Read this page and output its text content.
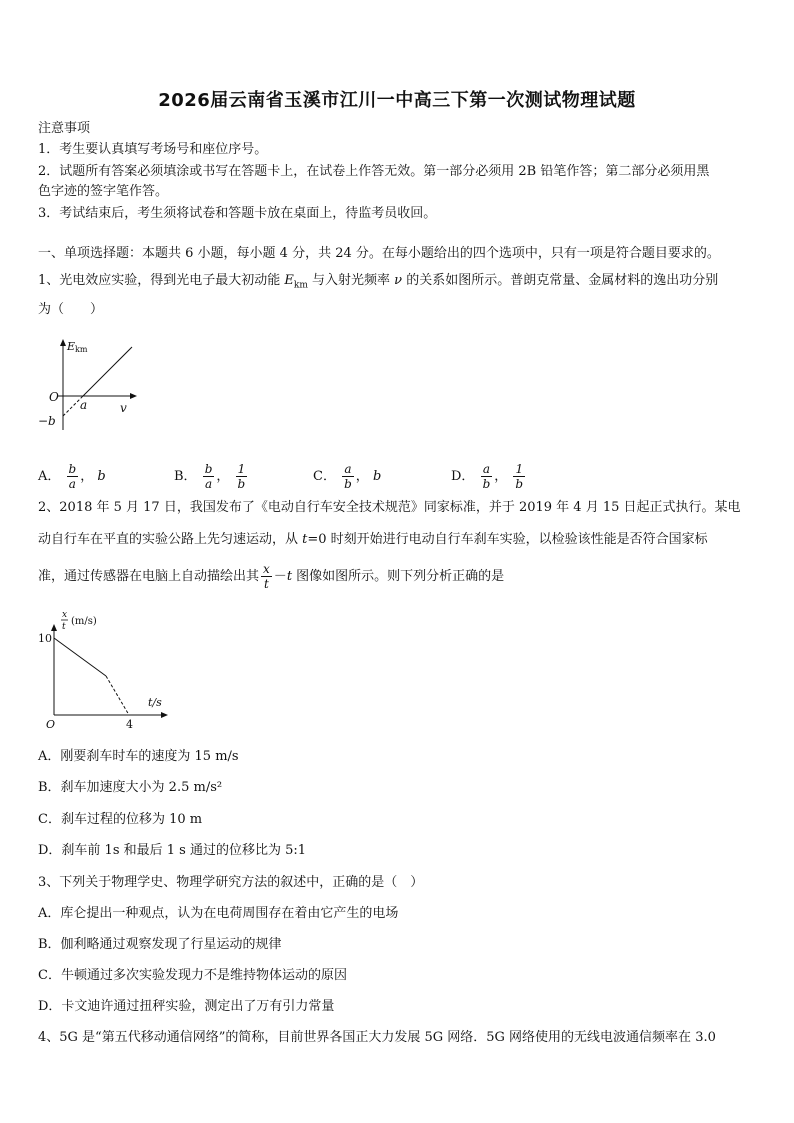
2026届云南省玉溪市江川一中高三下第一次测试物理试题
注意事项
1．考生要认真填写考场号和座位序号。
2．试题所有答案必须填涂或书写在答题卡上，在试卷上作答无效。第一部分必须用 2B 铅笔作答；第二部分必须用黑
色字迹的签字笔作答。
3．考试结束后，考生须将试卷和答题卡放在桌面上，待监考员收回。
一、单项选择题：本题共 6 小题，每小题 4 分，共 24 分。在每小题给出的四个选项中，只有一项是符合题目要求的。
1、光电效应实验，得到光电子最大初动能 $E_{km}$ 与入射光频率 ν 的关系如图所示。普朗克常量、金属材料的逸出功分别
为（　　）
E km
O
a
−b
v
A． $\frac{b}{a}$ ， b	B． $\frac{b}{a}$ ， $\frac{1}{b}$	C． $\frac{a}{b}$ ， b	D． $\frac{a}{b}$ ， $\frac{1}{b}$
2、2018 年 5 月 17 日，我国发布了《电动自行车安全技术规范》同家标准，并于 2019 年 4 月 15 日起正式执行。某电
动自行车在平直的实验公路上先匀速运动，从 t=0 时刻开始进行电动自行车刹车实验，以检验该性能是否符合国家标
准，通过传感器在电脑上自动描绘出其 $\frac{x}{t} -t$ 图像如图所示。则下列分析正确的是
x
t (m/s)
10
O	4
t/s
A．刚要刹车时车的速度为 15 m/s
B．刹车加速度大小为 2.5 m/s²
C．刹车过程的位移为 10 m
D．刹车前 1s 和最后 1 s 通过的位移比为 5:1
3、下列关于物理学史、物理学研究方法的叙述中，正确的是（　）
A．库仑提出一种观点，认为在电荷周围存在着由它产生的电场
B．伽利略通过观察发现了行星运动的规律
C．牛顿通过多次实验发现力不是维持物体运动的原因
D．卡文迪许通过扭秤实验，测定出了万有引力常量
4、5G 是“第五代移动通信网络”的简称，目前世界各国正大力发展 5G 网络．5G 网络使用的无线电波通信频率在 3.0
